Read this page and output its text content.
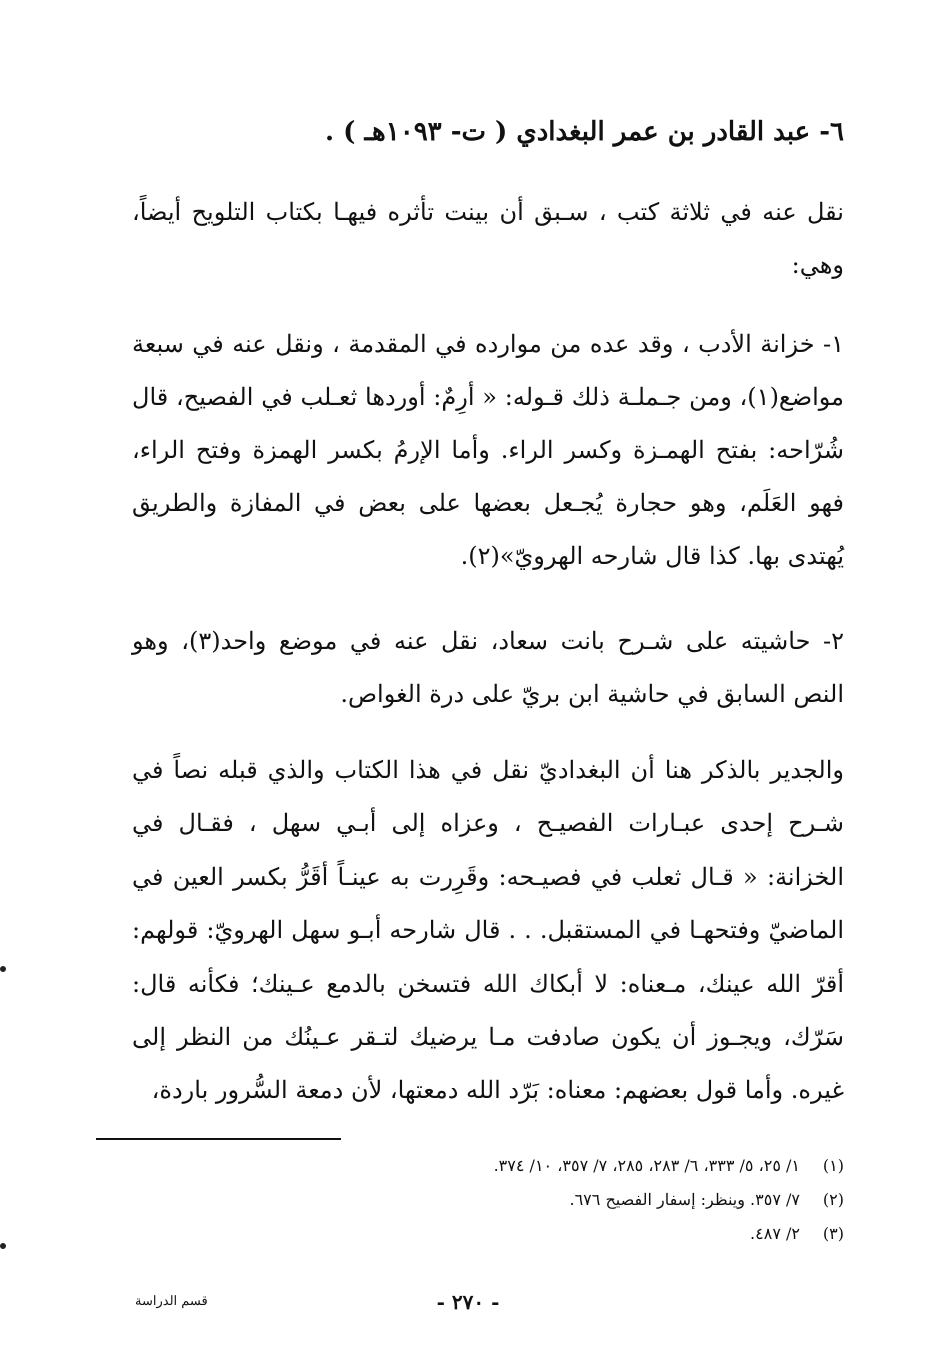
٦- عبد القادر بن عمر البغدادي ( ت- ١٠٩٣هـ ) .
نقل عنه في ثلاثة كتب ، سـبق أن بينت تأثره فيهـا بكتاب التلويح أيضاً، وهي:
١- خزانة الأدب ، وقد عده من موارده في المقدمة ، ونقل عنه في سبعة مواضع(١)، ومن جـملـة ذلك قـوله: « أرِمٌ: أوردها ثعـلب في الفصيح، قال شُرّاحه: بفتح الهمـزة وكسر الراء. وأما الإرمُ بكسر الهمزة وفتح الراء، فهو العَلَم، وهو حجارة يُجـعل بعضها على بعض في المفازة والطريق يُهتدى بها. كذا قال شارحه الهرويّ»(٢).
٢- حاشيته على شـرح بانت سعاد، نقل عنه في موضع واحد(٣)، وهو النص السابق في حاشية ابن بريّ على درة الغواص.
والجدير بالذكر هنا أن البغداديّ نقل في هذا الكتاب والذي قبله نصاً في شـرح إحدى عبـارات الفصيـح ، وعزاه إلى أبـي سهل ، فقـال في الخزانة: « قـال ثعلب في فصيـحه: وقَرِرت به عينـاً أقَرُّ بكسر العين في الماضيّ وفتحهـا في المستقبل. . . قال شارحه أبـو سهل الهرويّ: قولهم: أقرّ الله عينك، مـعناه: لا أبكاك الله فتسخن بالدمع عـينك؛ فكأنه قال: سَرّك، ويجـوز أن يكون صادفت مـا يرضيك لتـقر عـينُك من النظر إلى غيره. وأما قول بعضهم: معناه: بَرّد الله دمعتها، لأن دمعة السُّرور باردة،
(١)
١/ ٢٥، ٥/ ٣٣٣، ٦/ ٢٨٣، ٢٨٥، ٧/ ٣٥٧، ١٠/ ٣٧٤.
(٢)
٧/ ٣٥٧. وينظر: إسفار الفصيح ٦٧٦.
(٣)
٢/ ٤٨٧.
- ٢٧٠ -
قسم الدراسة
